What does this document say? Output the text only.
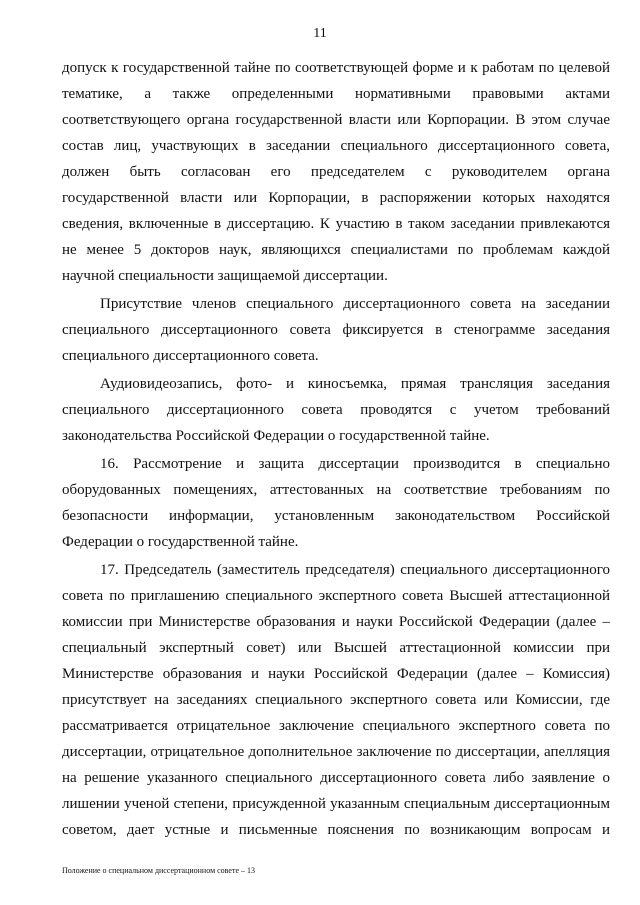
11
допуск к государственной тайне по соответствующей форме и к работам по целевой
тематике, а также определенными нормативными правовыми актами
соответствующего органа государственной власти или Корпорации. В этом случае
состав лиц, участвующих в заседании специального диссертационного совета,
должен быть согласован его председателем с руководителем органа
государственной власти или Корпорации, в распоряжении которых находятся
сведения, включенные в диссертацию. К участию в таком заседании привлекаются
не менее 5 докторов наук, являющихся специалистами по проблемам каждой
научной специальности защищаемой диссертации.
Присутствие членов специального диссертационного совета на заседании
специального диссертационного совета фиксируется в стенограмме заседания
специального диссертационного совета.
Аудиовидеозапись, фото- и киносъемка, прямая трансляция заседания
специального диссертационного совета проводятся с учетом требований
законодательства Российской Федерации о государственной тайне.
16. Рассмотрение и защита диссертации производится в специально
оборудованных помещениях, аттестованных на соответствие требованиям по
безопасности информации, установленным законодательством Российской
Федерации о государственной тайне.
17. Председатель (заместитель председателя) специального диссертационного
совета по приглашению специального экспертного совета Высшей аттестационной
комиссии при Министерстве образования и науки Российской Федерации (далее –
специальный экспертный совет) или Высшей аттестационной комиссии при
Министерстве образования и науки Российской Федерации (далее – Комиссия)
присутствует на заседаниях специального экспертного совета или Комиссии, где
рассматривается отрицательное заключение специального экспертного совета по
диссертации, отрицательное дополнительное заключение по диссертации, апелляция
на решение указанного специального диссертационного совета либо заявление о
лишении ученой степени, присужденной указанным специальным диссертационным
советом, дает устные и письменные пояснения по возникающим вопросам и
Положение о специальном диссертационном совете – 13
